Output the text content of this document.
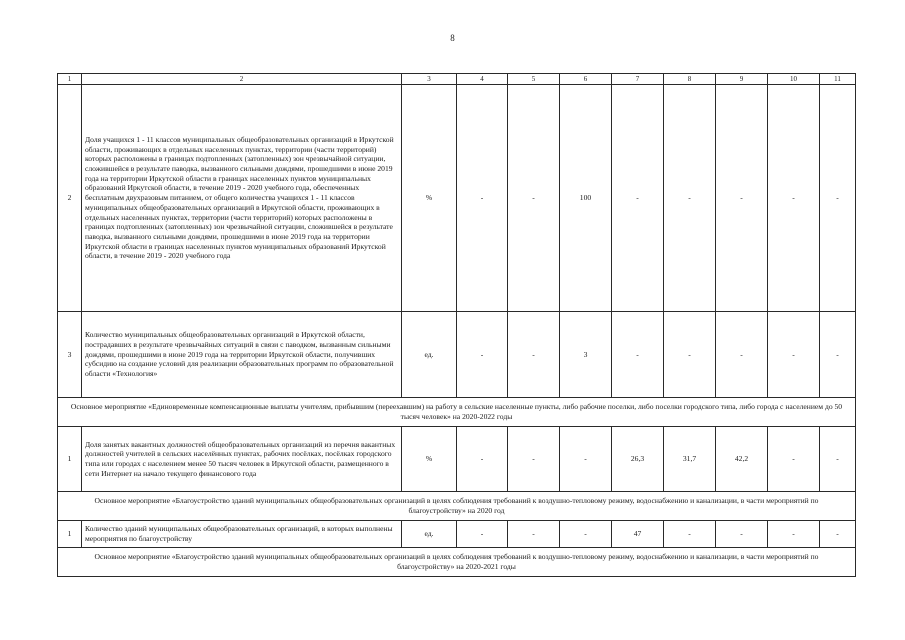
8
1	2	3	4	5	6	7	8	9	10	11
2	Доля учащихся 1 - 11 классов муниципальных общеобразовательных организаций в Иркутской области, проживающих в отдельных населенных пунктах, территории (части территорий) которых расположены в границах подтопленных (затопленных) зон чрезвычайной ситуации, сложившейся в результате паводка, вызванного сильными дождями, прошедшими в июне 2019 года на территории Иркутской области в границах населенных пунктов муниципальных образований Иркутской области, в течение 2019 - 2020 учебного года, обеспеченных бесплатным двухразовым питанием, от общего количества учащихся 1 - 11 классов муниципальных общеобразовательных организаций в Иркутской области, проживающих в отдельных населенных пунктах, территории (части территорий) которых расположены в границах подтопленных (затопленных) зон чрезвычайной ситуации, сложившейся в результате паводка, вызванного сильными дождями, прошедшими в июне 2019 года на территории Иркутской области в границах населенных пунктов муниципальных образований Иркутской области, в течение 2019 - 2020 учебного года	%	-	-	100	-	-	-	-	-
3	Количество муниципальных общеобразовательных организаций в Иркутской области, пострадавших в результате чрезвычайных ситуаций в связи с паводком, вызванным сильными дождями, прошедшими в июне 2019 года на территории Иркутской области, получивших субсидию на создание условий для реализации образовательных программ по образовательной области «Технология»	ед.	-	-	3	-	-	-	-	-
Основное мероприятие «Единовременные компенсационные выплаты учителям, прибывшим (переехавшим) на работу в сельские населенные пункты, либо рабочие поселки, либо поселки городского типа, либо города с населением до 50 тысяч человек» на 2020-2022 годы										
1	Доля занятых вакантных должностей общеобразовательных организаций из перечня вакантных должностей учителей в сельских населённых пунктах, рабочих посёлках, посёлках городского типа или городах с населением менее 50 тысяч человек в Иркутской области, размещенного в сети Интернет на начало текущего финансового года	%	-	-	-	26,3	31,7	42,2	-	-
Основное мероприятие «Благоустройство зданий муниципальных общеобразовательных организаций в целях соблюдения требований к воздушно-тепловому режиму, водоснабжению и канализации, в части мероприятий по благоустройству» на 2020 год										
1	Количество зданий муниципальных общеобразовательных организаций, в которых выполнены мероприятия по благоустройству	ед.	-	-	-	47	-	-	-	-
Основное мероприятие «Благоустройство зданий муниципальных общеобразовательных организаций в целях соблюдения требований к воздушно-тепловому режиму, водоснабжению и канализации, в части мероприятий по благоустройству» на 2020-2021 годы										
